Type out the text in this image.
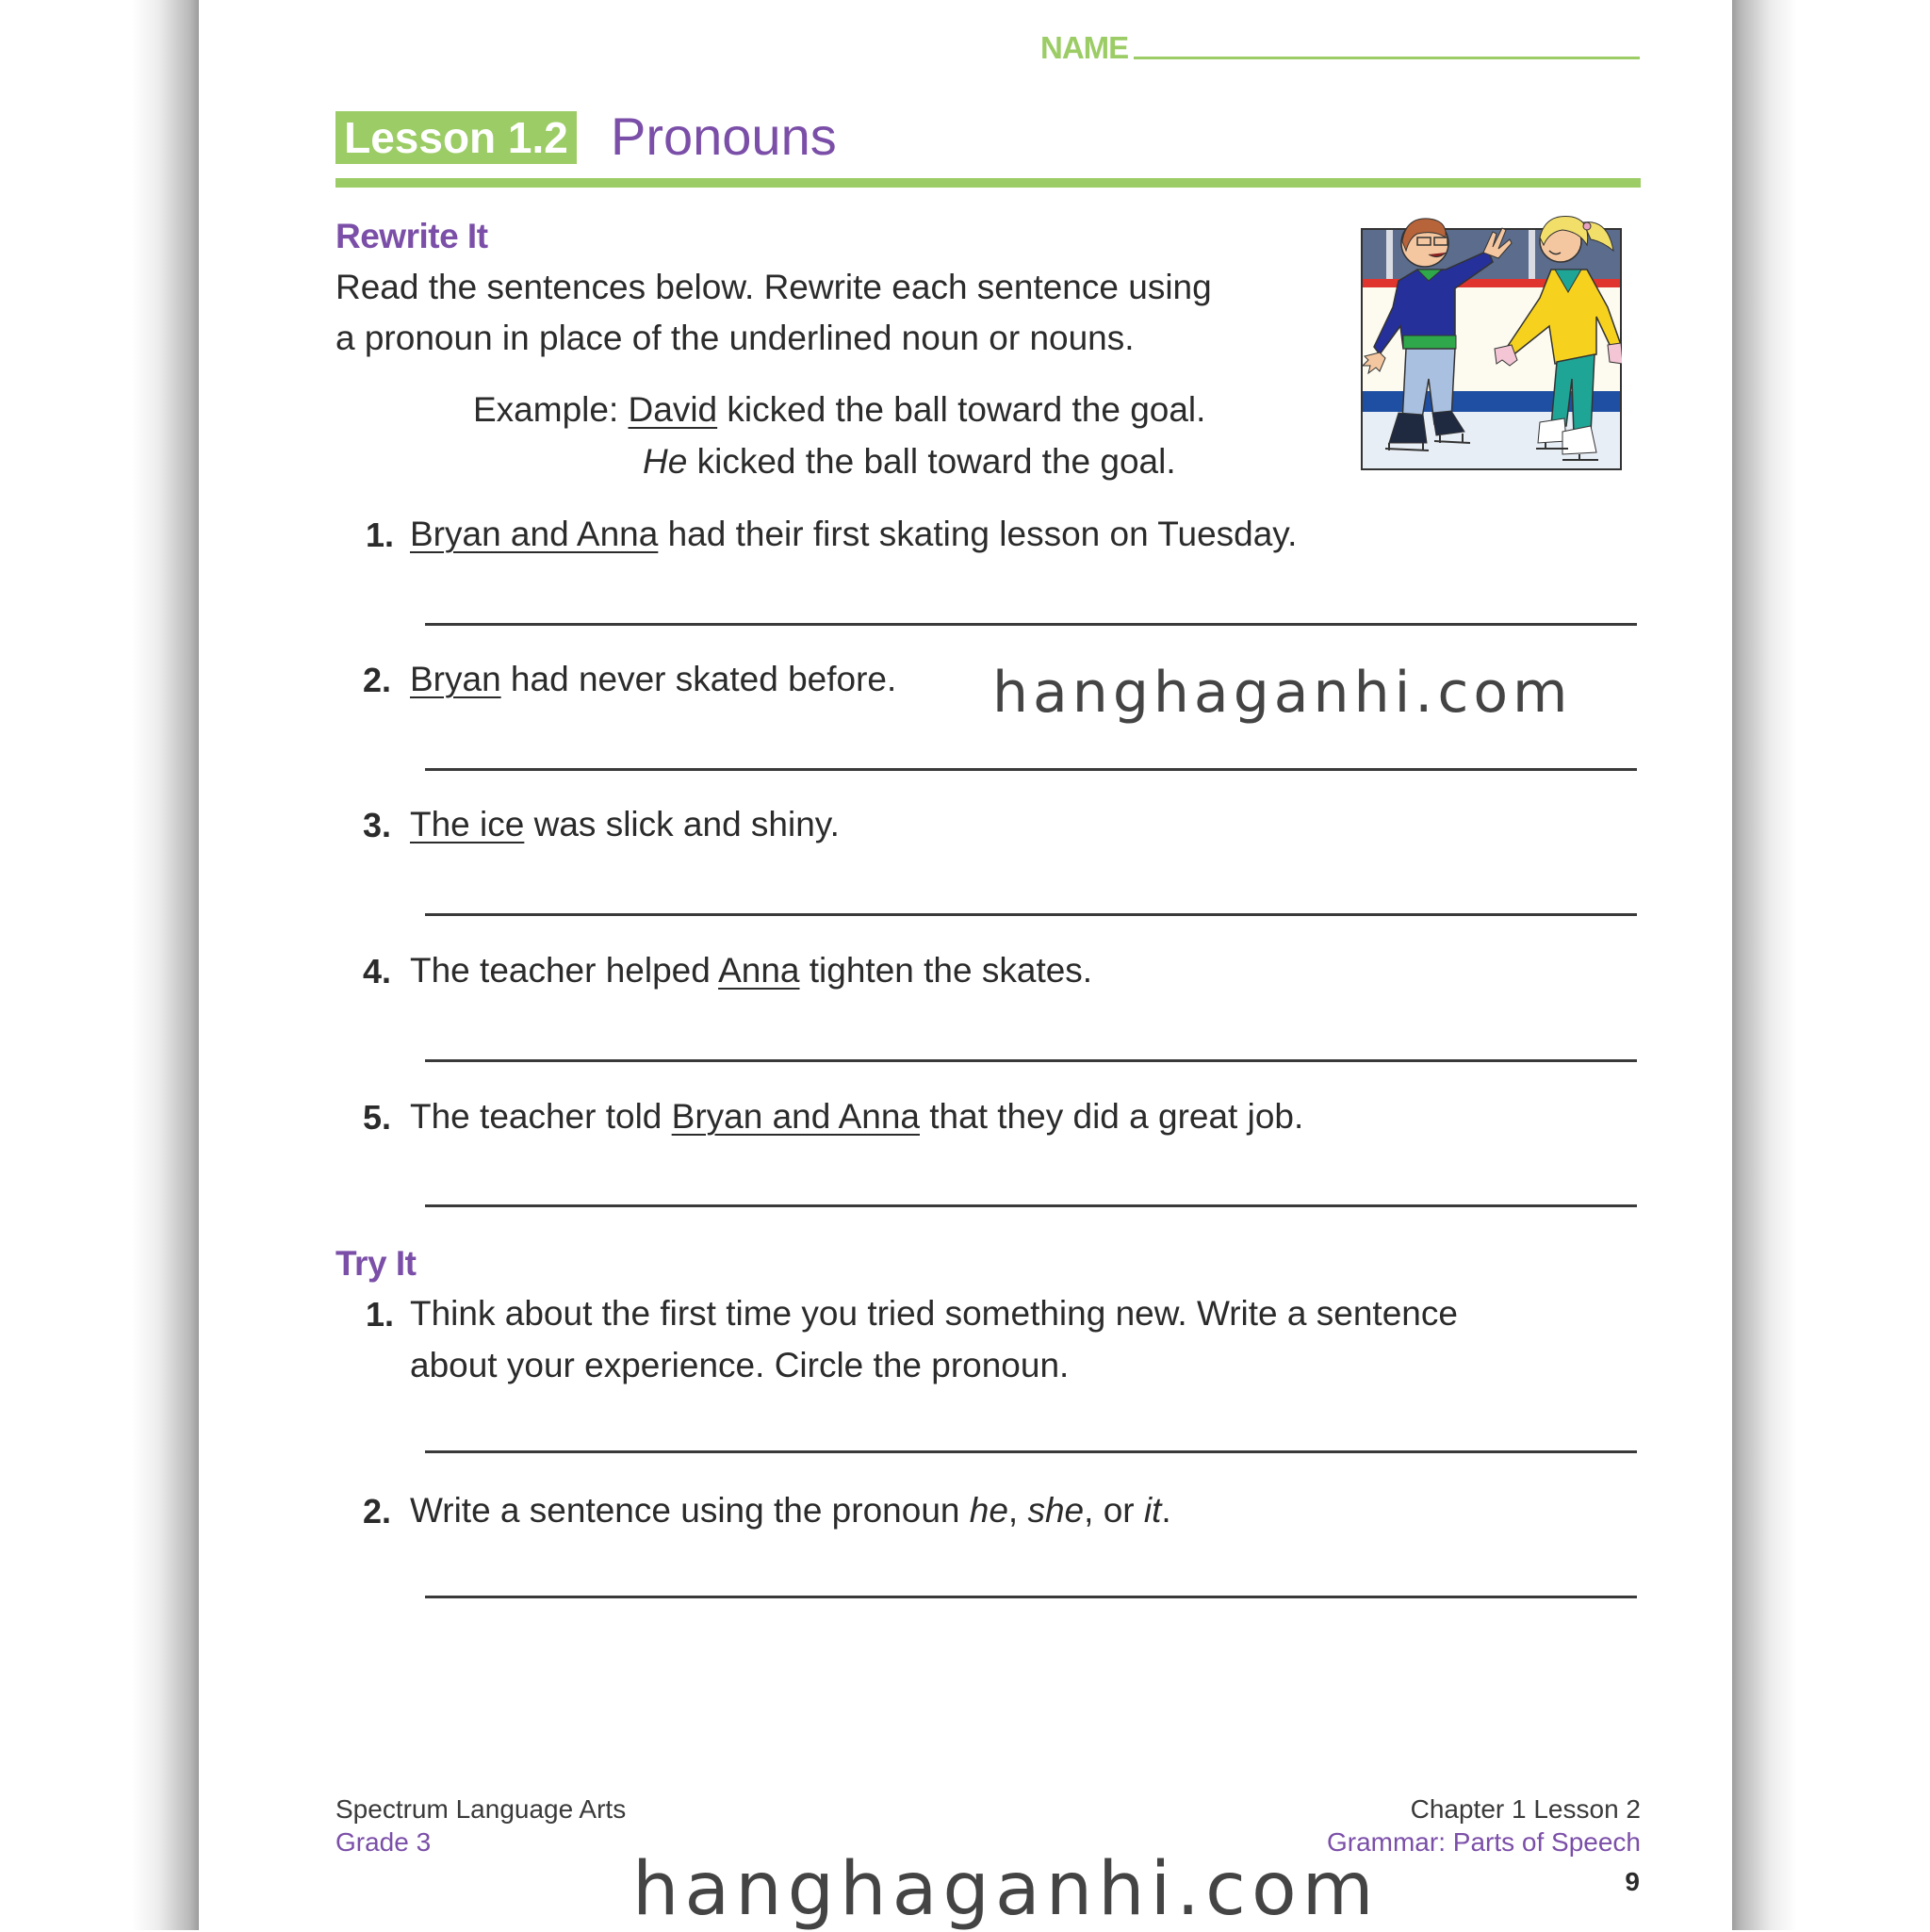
NAME
Lesson 1.2 Pronouns
Rewrite It
Read the sentences below. Rewrite each sentence using
a pronoun in place of the underlined noun or nouns.
Example: David kicked the ball toward the goal.
He kicked the ball toward the goal.
1. Bryan and Anna had their first skating lesson on Tuesday.
2. Bryan had never skated before.
3. The ice was slick and shiny.
4. The teacher helped Anna tighten the skates.
5. The teacher told Bryan and Anna that they did a great job.
Try It
1. Think about the first time you tried something new. Write a sentence
about your experience. Circle the pronoun.
2. Write a sentence using the pronoun he, she, or it.
hanghaganhi.com
Spectrum Language Arts
Grade 3
Chapter 1 Lesson 2
Grammar: Parts of Speech
9
hanghaganhi.com
